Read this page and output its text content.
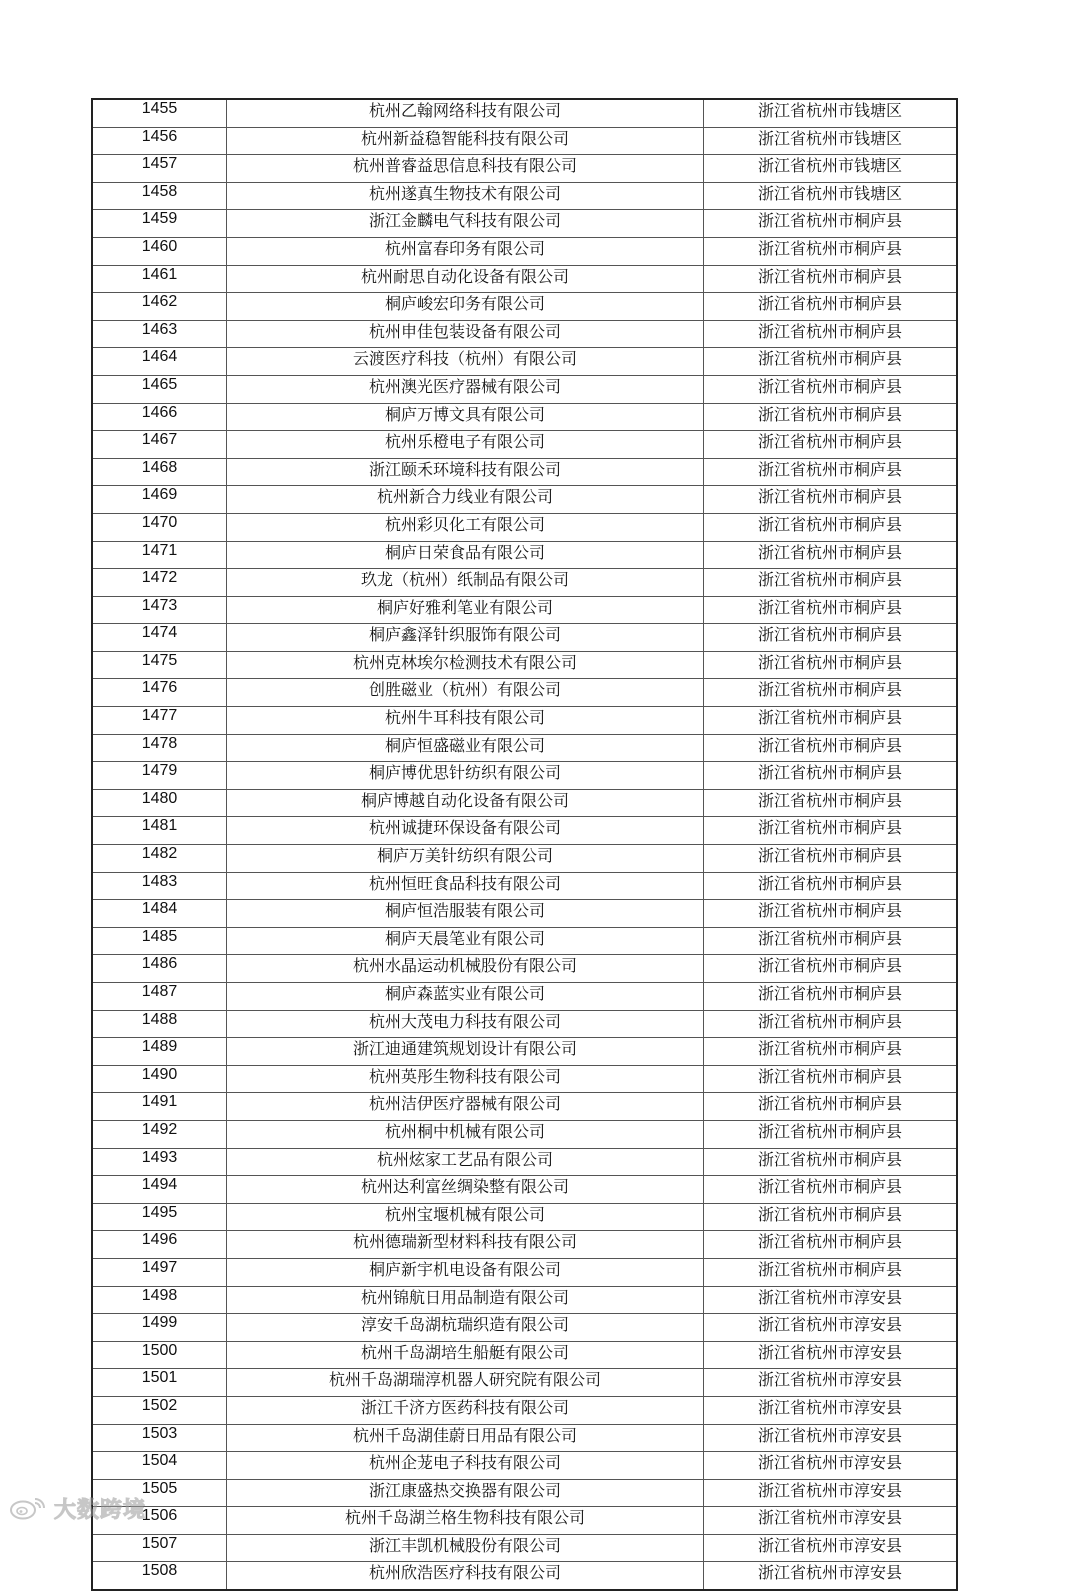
1455	杭州乙翰网络科技有限公司	浙江省杭州市钱塘区
1456	杭州新益稳智能科技有限公司	浙江省杭州市钱塘区
1457	杭州普睿益思信息科技有限公司	浙江省杭州市钱塘区
1458	杭州遂真生物技术有限公司	浙江省杭州市钱塘区
1459	浙江金麟电气科技有限公司	浙江省杭州市桐庐县
1460	杭州富春印务有限公司	浙江省杭州市桐庐县
1461	杭州耐思自动化设备有限公司	浙江省杭州市桐庐县
1462	桐庐峻宏印务有限公司	浙江省杭州市桐庐县
1463	杭州申佳包装设备有限公司	浙江省杭州市桐庐县
1464	云渡医疗科技（杭州）有限公司	浙江省杭州市桐庐县
1465	杭州澳光医疗器械有限公司	浙江省杭州市桐庐县
1466	桐庐万博文具有限公司	浙江省杭州市桐庐县
1467	杭州乐橙电子有限公司	浙江省杭州市桐庐县
1468	浙江颐禾环境科技有限公司	浙江省杭州市桐庐县
1469	杭州新合力线业有限公司	浙江省杭州市桐庐县
1470	杭州彩贝化工有限公司	浙江省杭州市桐庐县
1471	桐庐日荣食品有限公司	浙江省杭州市桐庐县
1472	玖龙（杭州）纸制品有限公司	浙江省杭州市桐庐县
1473	桐庐好雅利笔业有限公司	浙江省杭州市桐庐县
1474	桐庐鑫泽针织服饰有限公司	浙江省杭州市桐庐县
1475	杭州克林埃尔检测技术有限公司	浙江省杭州市桐庐县
1476	创胜磁业（杭州）有限公司	浙江省杭州市桐庐县
1477	杭州牛耳科技有限公司	浙江省杭州市桐庐县
1478	桐庐恒盛磁业有限公司	浙江省杭州市桐庐县
1479	桐庐博优思针纺织有限公司	浙江省杭州市桐庐县
1480	桐庐博越自动化设备有限公司	浙江省杭州市桐庐县
1481	杭州诚捷环保设备有限公司	浙江省杭州市桐庐县
1482	桐庐万美针纺织有限公司	浙江省杭州市桐庐县
1483	杭州恒旺食品科技有限公司	浙江省杭州市桐庐县
1484	桐庐恒浩服装有限公司	浙江省杭州市桐庐县
1485	桐庐天晨笔业有限公司	浙江省杭州市桐庐县
1486	杭州水晶运动机械股份有限公司	浙江省杭州市桐庐县
1487	桐庐森蓝实业有限公司	浙江省杭州市桐庐县
1488	杭州大茂电力科技有限公司	浙江省杭州市桐庐县
1489	浙江迪通建筑规划设计有限公司	浙江省杭州市桐庐县
1490	杭州英彤生物科技有限公司	浙江省杭州市桐庐县
1491	杭州洁伊医疗器械有限公司	浙江省杭州市桐庐县
1492	杭州桐中机械有限公司	浙江省杭州市桐庐县
1493	杭州炫家工艺品有限公司	浙江省杭州市桐庐县
1494	杭州达利富丝绸染整有限公司	浙江省杭州市桐庐县
1495	杭州宝堰机械有限公司	浙江省杭州市桐庐县
1496	杭州德瑞新型材料科技有限公司	浙江省杭州市桐庐县
1497	桐庐新宇机电设备有限公司	浙江省杭州市桐庐县
1498	杭州锦航日用品制造有限公司	浙江省杭州市淳安县
1499	淳安千岛湖杭瑞织造有限公司	浙江省杭州市淳安县
1500	杭州千岛湖培生船艇有限公司	浙江省杭州市淳安县
1501	杭州千岛湖瑞淳机器人研究院有限公司	浙江省杭州市淳安县
1502	浙江千济方医药科技有限公司	浙江省杭州市淳安县
1503	杭州千岛湖佳蔚日用品有限公司	浙江省杭州市淳安县
1504	杭州企茏电子科技有限公司	浙江省杭州市淳安县
1505	浙江康盛热交换器有限公司	浙江省杭州市淳安县
1506	杭州千岛湖兰格生物科技有限公司	浙江省杭州市淳安县
1507	浙江丰凯机械股份有限公司	浙江省杭州市淳安县
1508	杭州欣浩医疗科技有限公司	浙江省杭州市淳安县
大数跨境
